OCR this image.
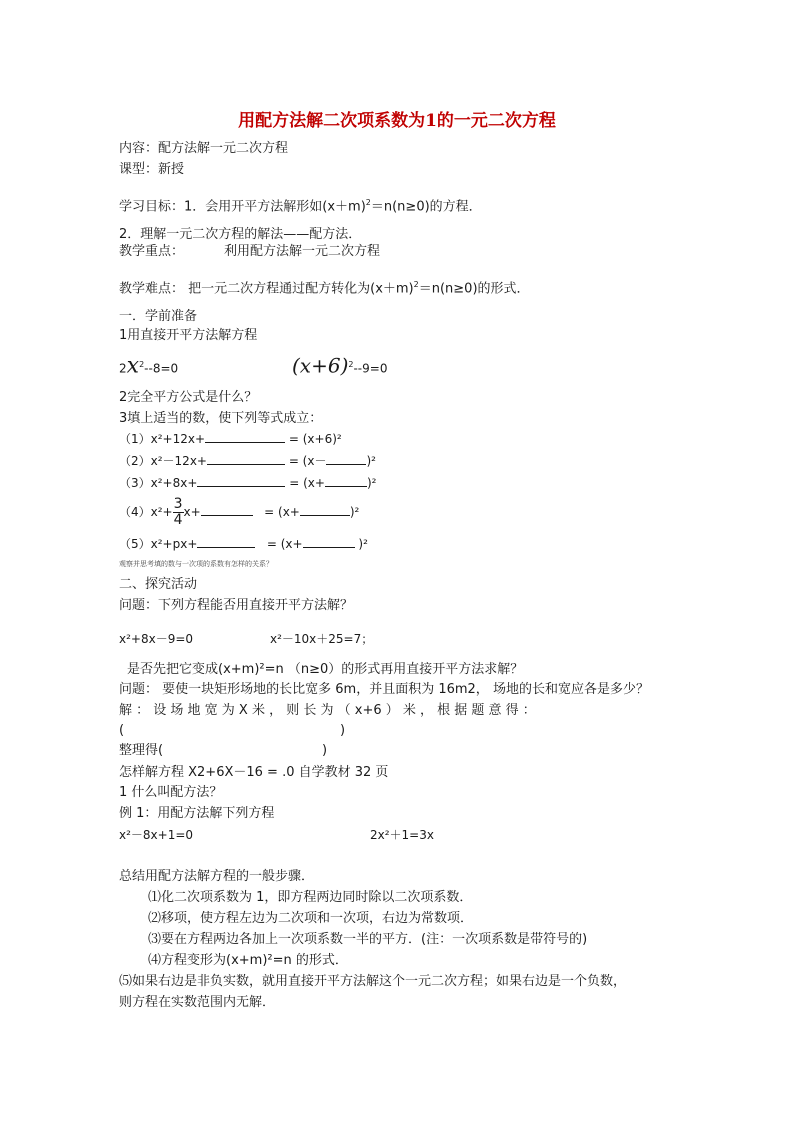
用配方法解二次项系数为1的一元二次方程
内容：配方法解一元二次方程
课型：新授
学习目标：1．会用开平方法解形如$(x+m)^2=n(n\ge 0)$的方程．
2．理解一元二次方程的解法——配方法．
教学重点：	利用配方法解一元二次方程
教学难点： 把一元二次方程通过配方转化为$(x+m)^2=n(n\ge 0)$的形式．
一．学前准备
1用直接开平方法解方程
$2x^2--8=0$	$(x+6)^2--9=0$
2完全平方公式是什么？
3填上适当的数，使下列等式成立：
（1）x²+12x+	= (x+6)²
（2）x²－12x+	= (x－	)²
（3）x²+8x+	= (x+	)²
$(4)x^2+ \frac{3}{4} x+$	= (x+	)²
（5）x²+px+	= (x+	)²
观察并思考填的数与一次项的系数有怎样的关系？
二、探究活动
问题：下列方程能否用直接开平方法解？
x²+8x－9=0	x²－10x＋25=7；
是否先把它变成(x+m)²=n （n≥0）的形式再用直接开平方法求解？
问题： 要使一块矩形场地的长比宽多 6m，并且面积为 16m2， 场地的长和宽应各是多少？
解 ： 设 场 地 宽 为 X 米 ， 则 长 为 （ x+6 ） 米 ， 根 据 题 意 得 ：
(	)
整理得(	)
怎样解方程 X2+6X－16 = .0 自学教材 32 页
1 什么叫配方法？
例 1：用配方法解下列方程
x²－8x+1=0	2x²＋1=3x
总结用配方法解方程的一般步骤．
⑴化二次项系数为 1，即方程两边同时除以二次项系数．
⑵移项，使方程左边为二次项和一次项，右边为常数项．
⑶要在方程两边各加上一次项系数一半的平方．(注：一次项系数是带符号的)
⑷方程变形为(x+m)²=n 的形式．
⑸如果右边是非负实数，就用直接开平方法解这个一元二次方程；如果右边是一个负数，
则方程在实数范围内无解．
